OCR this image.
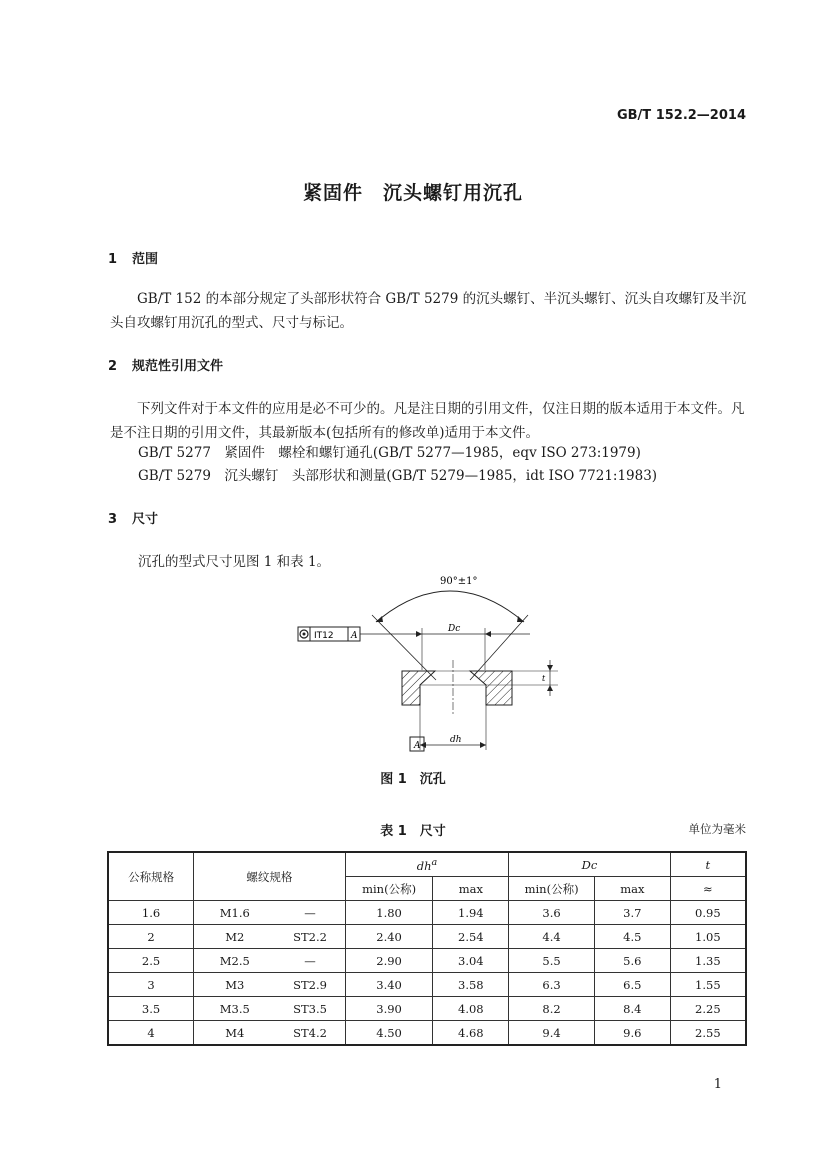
GB/T 152.2—2014
紧固件　沉头螺钉用沉孔
1 范围
GB/T 152 的本部分规定了头部形状符合 GB/T 5279 的沉头螺钉、半沉头螺钉、沉头自攻螺钉及半沉头自攻螺钉用沉孔的型式、尺寸与标记。
2 规范性引用文件
下列文件对于本文件的应用是必不可少的。凡是注日期的引用文件，仅注日期的版本适用于本文件。凡是不注日期的引用文件，其最新版本(包括所有的修改单)适用于本文件。
GB/T 5277　紧固件　螺栓和螺钉通孔(GB/T 5277—1985，eqv ISO 273:1979)
GB/T 5279　沉头螺钉　头部形状和测量(GB/T 5279—1985，idt ISO 7721:1983)
3 尺寸
沉孔的型式尺寸见图 1 和表 1。
90°±1°
Dc
IT12 A
t
dh
A
图 1　沉孔
表 1　尺寸	单位为毫米
公称规格	螺纹规格		$dh^a$		Dc		t
			min(公称)	max	min(公称)	max	≈
1.6	M1.6	—	1.80	1.94	3.6	3.7	0.95
2	M2	ST2.2	2.40	2.54	4.4	4.5	1.05
2.5	M2.5	—	2.90	3.04	5.5	5.6	1.35
3	M3	ST2.9	3.40	3.58	6.3	6.5	1.55
3.5	M3.5	ST3.5	3.90	4.08	8.2	8.4	2.25
4	M4	ST4.2	4.50	4.68	9.4	9.6	2.55
1
